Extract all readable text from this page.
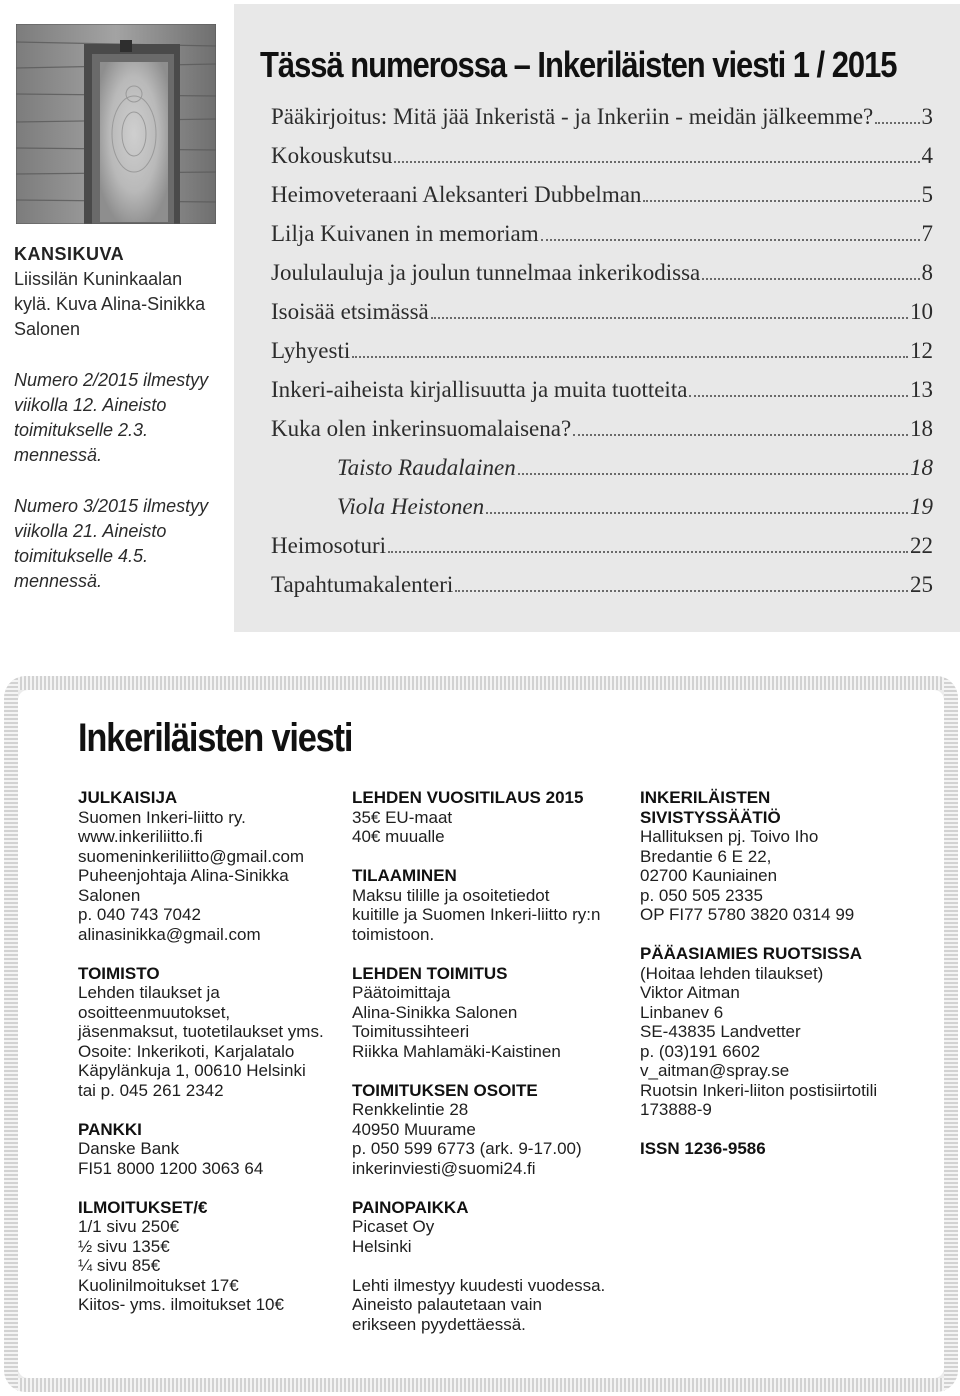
KANSIKUVA
Liissilän Kuninkaalan
kylä. Kuva Alina-Sinikka
Salonen
Numero 2/2015 ilmestyy
viikolla 12. Aineisto
toimitukselle 2.3.
mennessä.
Numero 3/2015 ilmestyy
viikolla 21. Aineisto
toimitukselle 4.5.
mennessä.
Tässä numerossa – Inkeriläisten viesti 1 / 2015
Pääkirjoitus: Mitä jää Inkeristä - ja Inkeriin - meidän jälkeemme? 3
Kokouskutsu	4
Heimoveteraani Aleksanteri Dubbelman	5
Lilja Kuivanen in memoriam	7
Joululauluja ja joulun tunnelmaa inkerikodissa	8
Isoisää etsimässä	10
Lyhyesti	12
Inkeri-aiheista kirjallisuutta ja muita tuotteita	13
Kuka olen inkerinsuomalaisena?	18
Taisto Raudalainen	18
Viola Heistonen	19
Heimosoturi	22
Tapahtumakalenteri	25
Inkeriläisten viesti
JULKAISIJA
Suomen Inkeri-liitto ry.
www.inkeriliitto.fi
suomeninkeriliitto@gmail.com
Puheenjohtaja Alina-Sinikka
Salonen
p. 040 743 7042
alinasinikka@gmail.com
TOIMISTO
Lehden tilaukset ja
osoitteenmuutokset,
jäsenmaksut, tuotetilaukset yms.
Osoite: Inkerikoti, Karjalatalo
Käpylänkuja 1, 00610 Helsinki
tai p. 045 261 2342
PANKKI
Danske Bank
FI51 8000 1200 3063 64
ILMOITUKSET/€
1/1 sivu 250€
½ sivu 135€
¼ sivu 85€
Kuolinilmoitukset 17€
Kiitos- yms. ilmoitukset 10€
LEHDEN VUOSITILAUS 2015
35€ EU-maat
40€ muualle
TILAAMINEN
Maksu tilille ja osoitetiedot
kuitille ja Suomen Inkeri-liitto ry:n
toimistoon.
LEHDEN TOIMITUS
Päätoimittaja
Alina-Sinikka Salonen
Toimitussihteeri
Riikka Mahlamäki-Kaistinen
TOIMITUKSEN OSOITE
Renkkelintie 28
40950 Muurame
p. 050 599 6773 (ark. 9-17.00)
inkerinviesti@suomi24.fi
PAINOPAIKKA
Picaset Oy
Helsinki
Lehti ilmestyy kuudesti vuodessa.
Aineisto palautetaan vain
erikseen pyydettäessä.
INKERILÄISTEN
SIVISTYSSÄÄTIÖ
Hallituksen pj. Toivo Iho
Bredantie 6 E 22,
02700 Kauniainen
p. 050 505 2335
OP FI77 5780 3820 0314 99
PÄÄASIAMIES RUOTSISSA
(Hoitaa lehden tilaukset)
Viktor Aitman
Linbanev 6
SE-43835 Landvetter
p. (03)191 6602
v_aitman@spray.se
Ruotsin Inkeri-liiton postisiirtotili
173888-9
ISSN 1236-9586
